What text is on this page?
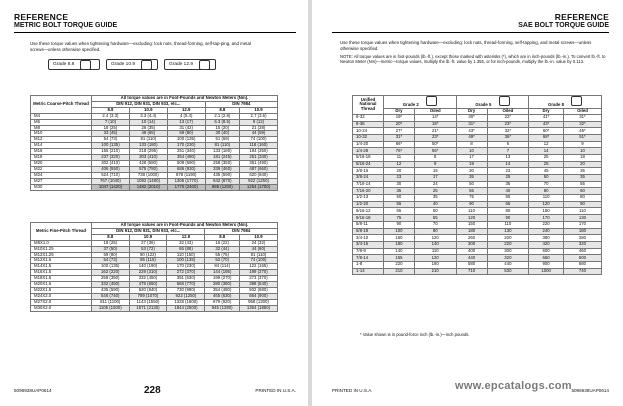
REFERENCE
METRIC BOLT TORQUE GUIDE
Use these torque values when tightening hardware—excluding: lock nuts, thread-forming, self-tap-ping, and metal screws—unless otherwise specified.
Grade 8.8	Grade 10.9	Grade 12.9
Metric Coarse-Pitch Thread	All torque values are in Foot-Pounds and Newton Meters (Nm).				
	DIN 912, DIN 931, DIN 933, etc...			DIN 7984	
	8.8	10.9	12.9	8.8	10.9
M4	2.4 (3.3)	3.3 (4.4)	4 (5.4)	2.1 (2.8)	2.7 (3.6)
M6	7 (10)	10 (14)	13 (17)	6.3 (8.5)	9 (12)
M8	18 (25)	26 (35)	31 (42)	15 (20)	21 (28)
M10	33 (45)	48 (65)	59 (80)	30 (40)	44 (59)
M12	54 (73)	81 (110)	100 (135)	51 (69)	74 (100)
M14	100 (135)	133 (180)	170 (230)	81 (110)	118 (160)
M16	155 (210)	218 (295)	251 (340)	133 (180)	184 (250)
M18	237 (320)	303 (410)	354 (480)	181 (245)	251 (340)
M20	302 (410)	428 (580)	509 (690)	258 (350)	361 (490)
M22	406 (550)	575 (780)	686 (930)	339 (460)	487 (660)
M24	524 (710)	738 (1000)	878 (1190)	435 (590)	620 (840)
M27	767 (1040)	1092 (1480)	1305 (1770)	642 (870)	922 (1250)
M30	1047 (1420)	1482 (2010)	1770 (2400)	885 (1200)	1254 (1700)
Metric Fine-Pitch Thread	All torque values are in Foot-Pounds and Newton Meters (Nm).				
	DIN 912, DIN 931, DIN 933, etc...			DIN 7984	
	8.8	10.9	12.9	8.8	10.9
M8X1.0	18 (25)	27 (36)	32 (43)	16 (22)	24 (32)
M10X1.25	37 (50)	53 (72)	65 (88)	32 (44)	44 (60)
M12X1.25	59 (80)	90 (122)	110 (150)	55 (75)	81 (110)
M12X1.5	54 (73)	85 (115)	100 (135)	52 (70)	74 (100)
M14X1.5	100 (135)	140 (190)	170 (230)	84 (114)	122 (165)
M16X1.5	162 (220)	229 (310)	272 (370)	144 (195)	199 (270)
M18X1.5	258 (350)	332 (450)	391 (530)	199 (270)	273 (370)
M20X1.5	332 (450)	479 (650)	568 (770)	280 (380)	398 (540)
M22X1.5	435 (590)	620 (840)	730 (990)	354 (480)	502 (680)
M24X2.0	546 (740)	789 (1070)	922 (1250)	465 (630)	664 (900)
M27X2.0	811 (1100)	1143 (1550)	1328 (1800)	679 (920)	958 (1300)
M30X2.0	1106 (1500)	1571 (2130)	1844 (2500)	945 (1280)	1364 (1850)
5096938UAP0614	228	PRINTED IN U.S.A.
REFERENCE
SAE BOLT TORQUE GUIDE
Use these torque values when tightening hardware—excluding: lock nuts, thread-forming, self-tapping, and metal screws—unless otherwise specified.
NOTE: All torque values are in foot-pounds (lb.-ft.), except those marked with asterisks (*), which are in inch-pounds (lb.-in.). To convert lb.-ft. to Newton Meter (Nm)—metric—torque values, multiply the lb.-ft. value by 1.355, or for inch-pounds, multiply the lb.-in. value by 0.113.
Unified National Thread	Grade 2		Grade 5		Grade 8	
	Dry	Oiled	Dry	Oiled	Dry	Oiled
8-32	19*	14*	30*	22*	41*	31*
8-36	20*	15*	31*	23*	43*	32*
10-24	27*	21*	43*	32*	60*	45*
10-32	31*	23*	49*	36*	68*	51*
1/4-20	66*	50*	8	6	12	9
1/4-28	76*	56*	10	7	14	10
5/16-18	11	8	17	13	25	18
5/16-24	12	9	19	14	25	20
3/8-16	20	15	30	23	45	35
3/8-24	23	17	35	25	50	35
7/16-14	30	24	50	35	70	55
7/16-20	35	25	55	40	80	60
1/2-13	50	35	75	55	110	80
1/2-20	55	40	90	65	120	90
9/16-12	65	50	110	80	150	110
9/16-18	75	55	120	90	170	130
5/8-11	90	70	150	110	220	170
5/8-18	100	80	180	130	240	180
3/4-10	160	120	260	200	380	280
3/4-16	180	140	300	220	420	320
7/8-9	140	110	400	300	600	460
7/8-14	155	120	440	320	660	500
1-8	220	160	580	440	900	680
1-14	210	210	710	530	1000	740
* Value shown is in pound-force inch (lb.-in.)—inch pounds.
PRINTED IN U.S.A.	5096938UAP0614
www.epcatalogs.com
